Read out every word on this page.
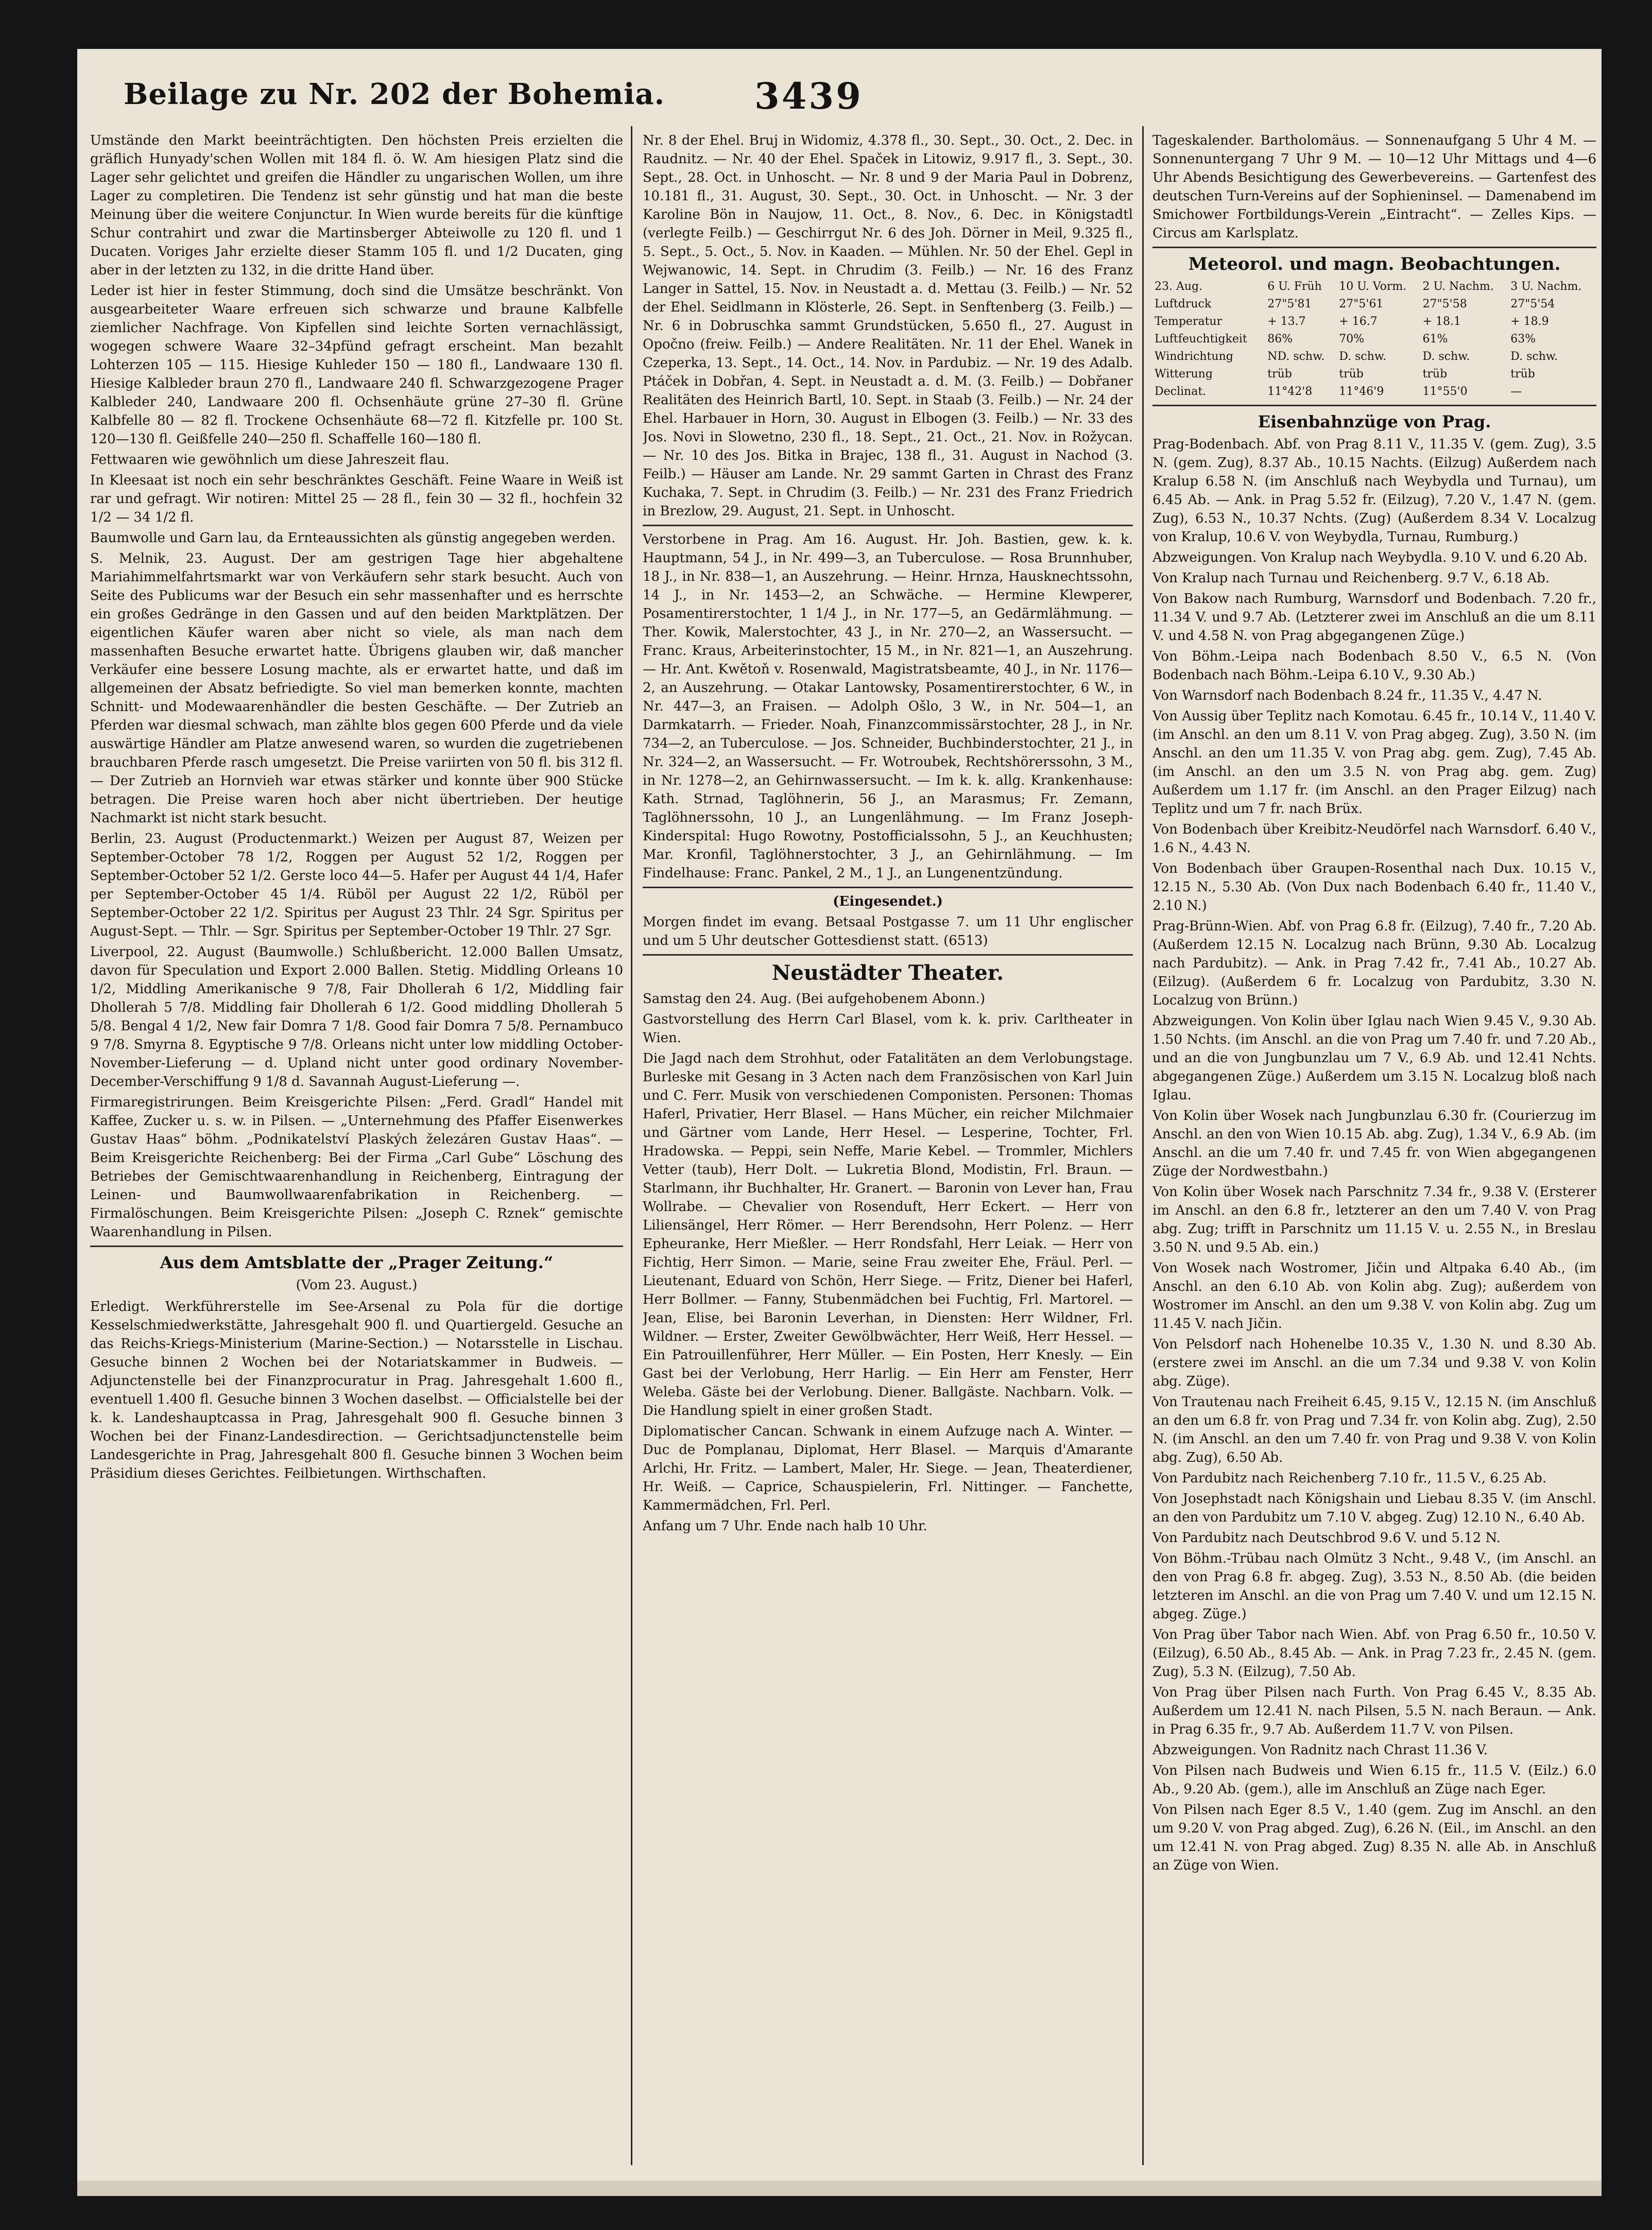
Beilage zu Nr. 202 der Bohemia. 3439

Umstände den Markt beeinträchtigten. Den höchsten Preis erzielten die gräflich Hunyady'schen Wollen mit 184 fl. ö. W. Am hiesigen Platz sind die Lager sehr gelichtet und greifen die Händler zu ungarischen Wollen, um ihre Lager zu completiren. Die Tendenz ist sehr günstig und hat man die beste Meinung über die weitere Conjunctur. In Wien wurde bereits für die künftige Schur contrahirt und zwar die Martinsberger Abteiwolle zu 120 fl. und 1 Ducaten. Voriges Jahr erzielte dieser Stamm 105 fl. und 1/2 Ducaten, ging aber in der letzten zu 132, in die dritte Hand über.

Leder ist hier in fester Stimmung, doch sind die Umsätze beschränkt. Von ausgearbeiteter Waare erfreuen sich schwarze und braune Kalbfelle ziemlicher Nachfrage. Von Kipfellen sind leichte Sorten vernachlässigt, wogegen schwere Waare 32–34pfünd gefragt erscheint. Man bezahlt Lohterzen 105 — 115. Hiesige Kuhleder 150 — 180 fl., Landwaare 130 fl. Hiesige Kalbleder braun 270 fl., Landwaare 240 fl. Schwarzgezogene Prager Kalbleder 240, Landwaare 200 fl. Ochsenhäute grüne 27–30 fl. Grüne Kalbfelle 80 — 82 fl. Trockene Ochsenhäute 68—72 fl. Kitzfelle pr. 100 St. 120—130 fl. Geißfelle 240—250 fl. Schaffelle 160—180 fl.

Fettwaaren wie gewöhnlich um diese Jahreszeit flau.

In Kleesaat ist noch ein sehr beschränktes Geschäft. Feine Waare in Weiß ist rar und gefragt. Wir notiren: Mittel 25 — 28 fl., fein 30 — 32 fl., hochfein 32 1/2 — 34 1/2 fl.

Baumwolle und Garn lau, da Ernteaussichten als günstig angegeben werden.

S. Melnik, 23. August. Der am gestrigen Tage hier abgehaltene Mariahimmelfahrtsmarkt war von Verkäufern sehr stark besucht. Auch von Seite des Publicums war der Besuch ein sehr massenhafter und es herrschte ein großes Gedränge in den Gassen und auf den beiden Marktplätzen. Der eigentlichen Käufer waren aber nicht so viele, als man nach dem massenhaften Besuche erwartet hatte. Übrigens glauben wir, daß mancher Verkäufer eine bessere Losung machte, als er erwartet hatte, und daß im allgemeinen der Absatz befriedigte. So viel man bemerken konnte, machten Schnitt- und Modewaarenhändler die besten Geschäfte. — Der Zutrieb an Pferden war diesmal schwach, man zählte blos gegen 600 Pferde und da viele auswärtige Händler am Platze anwesend waren, so wurden die zugetriebenen brauchbaren Pferde rasch umgesetzt. Die Preise variirten von 50 fl. bis 312 fl. — Der Zutrieb an Hornvieh war etwas stärker und konnte über 900 Stücke betragen. Die Preise waren hoch aber nicht übertrieben. Der heutige Nachmarkt ist nicht stark besucht.

Berlin, 23. August (Productenmarkt.) Weizen per August 87, Weizen per September-October 78 1/2, Roggen per August 52 1/2, Roggen per September-October 52 1/2. Gerste loco 44—5. Hafer per August 44 1/4, Hafer per September-October 45 1/4. Rüböl per August 22 1/2, Rüböl per September-October 22 1/2. Spiritus per August 23 Thlr. 24 Sgr. Spiritus per August-Sept. — Thlr. — Sgr. Spiritus per September-October 19 Thlr. 27 Sgr.

Liverpool, 22. August (Baumwolle.) Schlußbericht. 12.000 Ballen Umsatz, davon für Speculation und Export 2.000 Ballen. Stetig. Middling Orleans 10 1/2, Middling Amerikanische 9 7/8, Fair Dhollerah 6 1/2, Middling fair Dhollerah 5 7/8. Middling fair Dhollerah 6 1/2. Good middling Dhollerah 5 5/8. Bengal 4 1/2, New fair Domra 7 1/8. Good fair Domra 7 5/8. Pernambuco 9 7/8. Smyrna 8. Egyptische 9 7/8. Orleans nicht unter low middling October-November-Lieferung — d. Upland nicht unter good ordinary November-December-Verschiffung 9 1/8 d. Savannah August-Lieferung —.

Firmaregistrirungen. Beim Kreisgerichte Pilsen: „Ferd. Gradl“ Handel mit Kaffee, Zucker u. s. w. in Pilsen. — „Unternehmung des Pfaffer Eisenwerkes Gustav Haas“ böhm. „Podnikatelství Plaských železáren Gustav Haas“. — Beim Kreisgerichte Reichenberg: Bei der Firma „Carl Gube“ Löschung des Betriebes der Gemischtwaarenhandlung in Reichenberg, Eintragung der Leinen- und Baumwollwaarenfabrikation in Reichenberg. — Firmalöschungen. Beim Kreisgerichte Pilsen: „Joseph C. Rznek“ gemischte Waarenhandlung in Pilsen.

Aus dem Amtsblatte der „Prager Zeitung.“
(Vom 23. August.)

Erledigt. Werkführerstelle im See-Arsenal zu Pola für die dortige Kesselschmiedwerkstätte, Jahresgehalt 900 fl. und Quartiergeld. Gesuche an das Reichs-Kriegs-Ministerium (Marine-Section.) — Notarsstelle in Lischau. Gesuche binnen 2 Wochen bei der Notariatskammer in Budweis. — Adjunctenstelle bei der Finanzprocuratur in Prag. Jahresgehalt 1.600 fl., eventuell 1.400 fl. Gesuche binnen 3 Wochen daselbst. — Officialstelle bei der k. k. Landeshauptcassa in Prag, Jahresgehalt 900 fl. Gesuche binnen 3 Wochen bei der Finanz-Landesdirection. — Gerichtsadjunctenstelle beim Landesgerichte in Prag, Jahresgehalt 800 fl. Gesuche binnen 3 Wochen beim Präsidium dieses Gerichtes. Feilbietungen. Wirthschaften.

Nr. 8 der Ehel. Bruj in Widomiz, 4.378 fl., 30. Sept., 30. Oct., 2. Dec. in Raudnitz. — Nr. 40 der Ehel. Spaček in Litowiz, 9.917 fl., 3. Sept., 30. Sept., 28. Oct. in Unhoscht. — Nr. 8 und 9 der Maria Paul in Dobrenz, 10.181 fl., 31. August, 30. Sept., 30. Oct. in Unhoscht. — Nr. 3 der Karoline Bön in Naujow, 11. Oct., 8. Nov., 6. Dec. in Königstadtl (verlegte Feilb.) — Geschirrgut Nr. 6 des Joh. Dörner in Meil, 9.325 fl., 5. Sept., 5. Oct., 5. Nov. in Kaaden. — Mühlen. Nr. 50 der Ehel. Gepl in Wejwanowic, 14. Sept. in Chrudim (3. Feilb.) — Nr. 16 des Franz Langer in Sattel, 15. Nov. in Neustadt a. d. Mettau (3. Feilb.) — Nr. 52 der Ehel. Seidlmann in Klösterle, 26. Sept. in Senftenberg (3. Feilb.) — Nr. 6 in Dobruschka sammt Grundstücken, 5.650 fl., 27. August in Opočno (freiw. Feilb.) — Andere Realitäten. Nr. 11 der Ehel. Wanek in Czeperka, 13. Sept., 14. Oct., 14. Nov. in Pardubiz. — Nr. 19 des Adalb. Ptáček in Dobřan, 4. Sept. in Neustadt a. d. M. (3. Feilb.) — Dobřaner Realitäten des Heinrich Bartl, 10. Sept. in Staab (3. Feilb.) — Nr. 24 der Ehel. Harbauer in Horn, 30. August in Elbogen (3. Feilb.) — Nr. 33 des Jos. Novi in Slowetno, 230 fl., 18. Sept., 21. Oct., 21. Nov. in Rožycan. — Nr. 10 des Jos. Bitka in Brajec, 138 fl., 31. August in Nachod (3. Feilb.) — Häuser am Lande. Nr. 29 sammt Garten in Chrast des Franz Kuchaka, 7. Sept. in Chrudim (3. Feilb.) — Nr. 231 des Franz Friedrich in Brezlow, 29. August, 21. Sept. in Unhoscht.

Verstorbene in Prag. Am 16. August. Hr. Joh. Bastien, gew. k. k. Hauptmann, 54 J., in Nr. 499—3, an Tuberculose. — Rosa Brunnhuber, 18 J., in Nr. 838—1, an Auszehrung. — Heinr. Hrnza, Hausknechtssohn, 14 J., in Nr. 1453—2, an Schwäche. — Hermine Klewperer, Posamentirerstochter, 1 1/4 J., in Nr. 177—5, an Gedärmlähmung. — Ther. Kowik, Malerstochter, 43 J., in Nr. 270—2, an Wassersucht. — Franc. Kraus, Arbeiterinstochter, 15 M., in Nr. 821—1, an Auszehrung. — Hr. Ant. Kwětoň v. Rosenwald, Magistratsbeamte, 40 J., in Nr. 1176—2, an Auszehrung. — Otakar Lantowsky, Posamentirerstochter, 6 W., in Nr. 447—3, an Fraisen. — Adolph Ošlo, 3 W., in Nr. 504—1, an Darmkatarrh. — Frieder. Noah, Finanzcommissärstochter, 28 J., in Nr. 734—2, an Tuberculose. — Jos. Schneider, Buchbinderstochter, 21 J., in Nr. 324—2, an Wassersucht. — Fr. Wotroubek, Rechtshörerssohn, 3 M., in Nr. 1278—2, an Gehirnwassersucht. — Im k. k. allg. Krankenhause: Kath. Strnad, Taglöhnerin, 56 J., an Marasmus; Fr. Zemann, Taglöhnerssohn, 10 J., an Lungenlähmung. — Im Franz Joseph-Kinderspital: Hugo Rowotny, Postofficialssohn, 5 J., an Keuchhusten; Mar. Kronfil, Taglöhnerstochter, 3 J., an Gehirnlähmung. — Im Findelhause: Franc. Pankel, 2 M., 1 J., an Lungenentzündung.

(Eingesendet.)

Morgen findet im evang. Betsaal Postgasse 7. um 11 Uhr englischer und um 5 Uhr deutscher Gottesdienst statt. (6513)

Neustädter Theater.

Samstag den 24. Aug. (Bei aufgehobenem Abonn.)

Gastvorstellung des Herrn Carl Blasel, vom k. k. priv. Carltheater in Wien.

Die Jagd nach dem Strohhut, oder Fatalitäten an dem Verlobungstage. Burleske mit Gesang in 3 Acten nach dem Französischen von Karl Juin und C. Ferr. Musik von verschiedenen Componisten. Personen: Thomas Haferl, Privatier, Herr Blasel. — Hans Mücher, ein reicher Milchmaier und Gärtner vom Lande, Herr Hesel. — Lesperine, Tochter, Frl. Hradowska. — Peppi, sein Neffe, Marie Kebel. — Trommler, Michlers Vetter (taub), Herr Dolt. — Lukretia Blond, Modistin, Frl. Braun. — Starlmann, ihr Buchhalter, Hr. Granert. — Baronin von Lever han, Frau Wollrabe. — Chevalier von Rosenduft, Herr Eckert. — Herr von Liliensängel, Herr Römer. — Herr Berendsohn, Herr Polenz. — Herr Epheuranke, Herr Mießler. — Herr Rondsfahl, Herr Leiak. — Herr von Fichtig, Herr Simon. — Marie, seine Frau zweiter Ehe, Fräul. Perl. — Lieutenant, Eduard von Schön, Herr Siege. — Fritz, Diener bei Haferl, Herr Bollmer. — Fanny, Stubenmädchen bei Fuchtig, Frl. Martorel. — Jean, Elise, bei Baronin Leverhan, in Diensten: Herr Wildner, Frl. Wildner. — Erster, Zweiter Gewölbwächter, Herr Weiß, Herr Hessel. — Ein Patrouillenführer, Herr Müller. — Ein Posten, Herr Knesly. — Ein Gast bei der Verlobung, Herr Harlig. — Ein Herr am Fenster, Herr Weleba. Gäste bei der Verlobung. Diener. Ballgäste. Nachbarn. Volk. — Die Handlung spielt in einer großen Stadt.

Diplomatischer Cancan. Schwank in einem Aufzuge nach A. Winter. — Duc de Pomplanau, Diplomat, Herr Blasel. — Marquis d'Amarante Arlchi, Hr. Fritz. — Lambert, Maler, Hr. Siege. — Jean, Theaterdiener, Hr. Weiß. — Caprice, Schauspielerin, Frl. Nittinger. — Fanchette, Kammermädchen, Frl. Perl.

Anfang um 7 Uhr. Ende nach halb 10 Uhr.

Tageskalender. Bartholomäus. — Sonnenaufgang 5 Uhr 4 M. — Sonnenuntergang 7 Uhr 9 M. — 10—12 Uhr Mittags und 4—6 Uhr Abends Besichtigung des Gewerbevereins. — Gartenfest des deutschen Turn-Vereins auf der Sophieninsel. — Damenabend im Smichower Fortbildungs-Verein „Eintracht“. — Zelles Kips. — Circus am Karlsplatz.

Meteorol. und magn. Beobachtungen.
23. Aug.	6 U. Früh	10 U. Vorm.	2 U. Nachm.	3 U. Nachm.
Luftdruck	27"5'81	27"5'61	27"5'58	27"5'54
Temperatur	+ 13.7	+ 16.7	+ 18.1	+ 18.9
Luftfeuchtigkeit	86%	70%	61%	63%
Windrichtung	ND. schw.	D. schw.	D. schw.	D. schw.
Witterung	trüb	trüb	trüb	trüb
Declinat.	11°42'8	11°46'9	11°55'0	—
Eisenbahnzüge von Prag.

Prag-Bodenbach. Abf. von Prag 8.11 V., 11.35 V. (gem. Zug), 3.5 N. (gem. Zug), 8.37 Ab., 10.15 Nachts. (Eilzug) Außerdem nach Kralup 6.58 N. (im Anschluß nach Weybydla und Turnau), um 6.45 Ab. — Ank. in Prag 5.52 fr. (Eilzug), 7.20 V., 1.47 N. (gem. Zug), 6.53 N., 10.37 Nchts. (Zug) (Außerdem 8.34 V. Localzug von Kralup, 10.6 V. von Weybydla, Turnau, Rumburg.)

Abzweigungen. Von Kralup nach Weybydla. 9.10 V. und 6.20 Ab.

Von Kralup nach Turnau und Reichenberg. 9.7 V., 6.18 Ab.

Von Bakow nach Rumburg, Warnsdorf und Bodenbach. 7.20 fr., 11.34 V. und 9.7 Ab. (Letzterer zwei im Anschluß an die um 8.11 V. und 4.58 N. von Prag abgegangenen Züge.)

Von Böhm.-Leipa nach Bodenbach 8.50 V., 6.5 N. (Von Bodenbach nach Böhm.-Leipa 6.10 V., 9.30 Ab.)

Von Warnsdorf nach Bodenbach 8.24 fr., 11.35 V., 4.47 N.

Von Aussig über Teplitz nach Komotau. 6.45 fr., 10.14 V., 11.40 V. (im Anschl. an den um 8.11 V. von Prag abgeg. Zug), 3.50 N. (im Anschl. an den um 11.35 V. von Prag abg. gem. Zug), 7.45 Ab. (im Anschl. an den um 3.5 N. von Prag abg. gem. Zug) Außerdem um 1.17 fr. (im Anschl. an den Prager Eilzug) nach Teplitz und um 7 fr. nach Brüx.

Von Bodenbach über Kreibitz-Neudörfel nach Warnsdorf. 6.40 V., 1.6 N., 4.43 N.

Von Bodenbach über Graupen-Rosenthal nach Dux. 10.15 V., 12.15 N., 5.30 Ab. (Von Dux nach Bodenbach 6.40 fr., 11.40 V., 2.10 N.)

Prag-Brünn-Wien. Abf. von Prag 6.8 fr. (Eilzug), 7.40 fr., 7.20 Ab. (Außerdem 12.15 N. Localzug nach Brünn, 9.30 Ab. Localzug nach Pardubitz). — Ank. in Prag 7.42 fr., 7.41 Ab., 10.27 Ab. (Eilzug). (Außerdem 6 fr. Localzug von Pardubitz, 3.30 N. Localzug von Brünn.)

Abzweigungen. Von Kolin über Iglau nach Wien 9.45 V., 9.30 Ab. 1.50 Nchts. (im Anschl. an die von Prag um 7.40 fr. und 7.20 Ab., und an die von Jungbunzlau um 7 V., 6.9 Ab. und 12.41 Nchts. abgegangenen Züge.) Außerdem um 3.15 N. Localzug bloß nach Iglau.

Von Kolin über Wosek nach Jungbunzlau 6.30 fr. (Courierzug im Anschl. an den von Wien 10.15 Ab. abg. Zug), 1.34 V., 6.9 Ab. (im Anschl. an die um 7.40 fr. und 7.45 fr. von Wien abgegangenen Züge der Nordwestbahn.)

Von Kolin über Wosek nach Parschnitz 7.34 fr., 9.38 V. (Ersterer im Anschl. an den 6.8 fr., letzterer an den um 7.40 V. von Prag abg. Zug; trifft in Parschnitz um 11.15 V. u. 2.55 N., in Breslau 3.50 N. und 9.5 Ab. ein.)

Von Wosek nach Wostromer, Jičin und Altpaka 6.40 Ab., (im Anschl. an den 6.10 Ab. von Kolin abg. Zug); außerdem von Wostromer im Anschl. an den um 9.38 V. von Kolin abg. Zug um 11.45 V. nach Jičin.

Von Pelsdorf nach Hohenelbe 10.35 V., 1.30 N. und 8.30 Ab. (erstere zwei im Anschl. an die um 7.34 und 9.38 V. von Kolin abg. Züge).

Von Trautenau nach Freiheit 6.45, 9.15 V., 12.15 N. (im Anschluß an den um 6.8 fr. von Prag und 7.34 fr. von Kolin abg. Zug), 2.50 N. (im Anschl. an den um 7.40 fr. von Prag und 9.38 V. von Kolin abg. Zug), 6.50 Ab.

Von Pardubitz nach Reichenberg 7.10 fr., 11.5 V., 6.25 Ab.

Von Josephstadt nach Königshain und Liebau 8.35 V. (im Anschl. an den von Pardubitz um 7.10 V. abgeg. Zug) 12.10 N., 6.40 Ab.

Von Pardubitz nach Deutschbrod 9.6 V. und 5.12 N.

Von Böhm.-Trübau nach Olmütz 3 Ncht., 9.48 V., (im Anschl. an den von Prag 6.8 fr. abgeg. Zug), 3.53 N., 8.50 Ab. (die beiden letzteren im Anschl. an die von Prag um 7.40 V. und um 12.15 N. abgeg. Züge.)

Von Prag über Tabor nach Wien. Abf. von Prag 6.50 fr., 10.50 V. (Eilzug), 6.50 Ab., 8.45 Ab. — Ank. in Prag 7.23 fr., 2.45 N. (gem. Zug), 5.3 N. (Eilzug), 7.50 Ab.

Von Prag über Pilsen nach Furth. Von Prag 6.45 V., 8.35 Ab. Außerdem um 12.41 N. nach Pilsen, 5.5 N. nach Beraun. — Ank. in Prag 6.35 fr., 9.7 Ab. Außerdem 11.7 V. von Pilsen.

Abzweigungen. Von Radnitz nach Chrast 11.36 V.

Von Pilsen nach Budweis und Wien 6.15 fr., 11.5 V. (Eilz.) 6.0 Ab., 9.20 Ab. (gem.), alle im Anschluß an Züge nach Eger.

Von Pilsen nach Eger 8.5 V., 1.40 (gem. Zug im Anschl. an den um 9.20 V. von Prag abged. Zug), 6.26 N. (Eil., im Anschl. an den um 12.41 N. von Prag abged. Zug) 8.35 N. alle Ab. in Anschluß an Züge von Wien.
